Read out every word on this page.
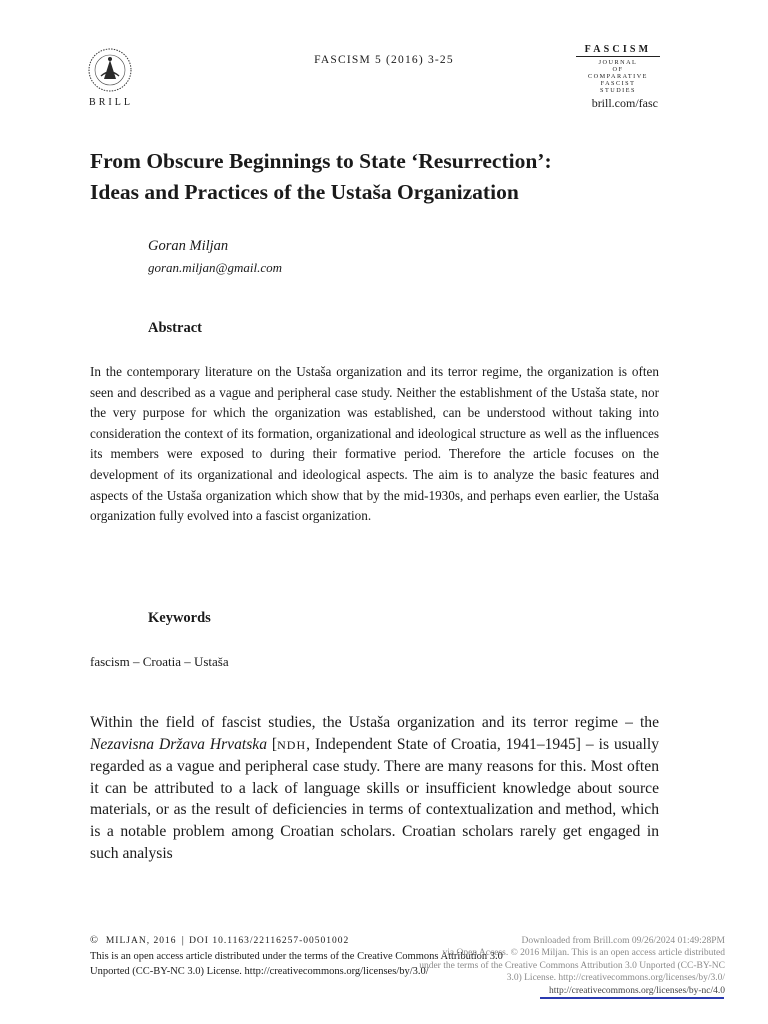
BRILL
FASCISM 5 (2016) 3-25
FASCISM
JOURNAL
OF
COMPARATIVE
FASCIST
STUDIES
brill.com/fasc
From Obscure Beginnings to State ‘Resurrection’:
Ideas and Practices of the Ustaša Organization
Goran Miljan
goran.miljan@gmail.com
Abstract
In the contemporary literature on the Ustaša organization and its terror regime, the organization is often seen and described as a vague and peripheral case study. Neither the establishment of the Ustaša state, nor the very purpose for which the organization was established, can be understood without taking into consideration the context of its formation, organizational and ideological structure as well as the influences its members were exposed to during their formative period. Therefore the article focuses on the development of its organizational and ideological aspects. The aim is to analyze the basic features and aspects of the Ustaša organization which show that by the mid-1930s, and perhaps even earlier, the Ustaša organization fully evolved into a fascist organization.
Keywords
fascism – Croatia – Ustaša
Within the field of fascist studies, the Ustaša organization and its terror regime – the Nezavisna Država Hrvatska [NDH, Independent State of Croatia, 1941–1945] – is usually regarded as a vague and peripheral case study. There are many reasons for this. Most often it can be attributed to a lack of language skills or insufficient knowledge about source materials, or as the result of deficiencies in terms of contextualization and method, which is a notable problem among Croatian scholars. Croatian scholars rarely get engaged in such analysis
© MILJAN, 2016 | DOI 10.1163/22116257-00501002
This is an open access article distributed under the terms of the Creative Commons Attribution 3.0 Unported (CC-BY-NC 3.0) License. http://creativecommons.org/licenses/by/3.0/
Downloaded from Brill.com 09/26/2024 01:49:28PM
via Open Access. © 2016 Miljan. This is an open access article distributed
under the terms of the Creative Commons Attribution 3.0 Unported (CC-BY-NC
3.0) License. http://creativecommons.org/licenses/by/3.0/
http://creativecommons.org/licenses/by-nc/4.0
